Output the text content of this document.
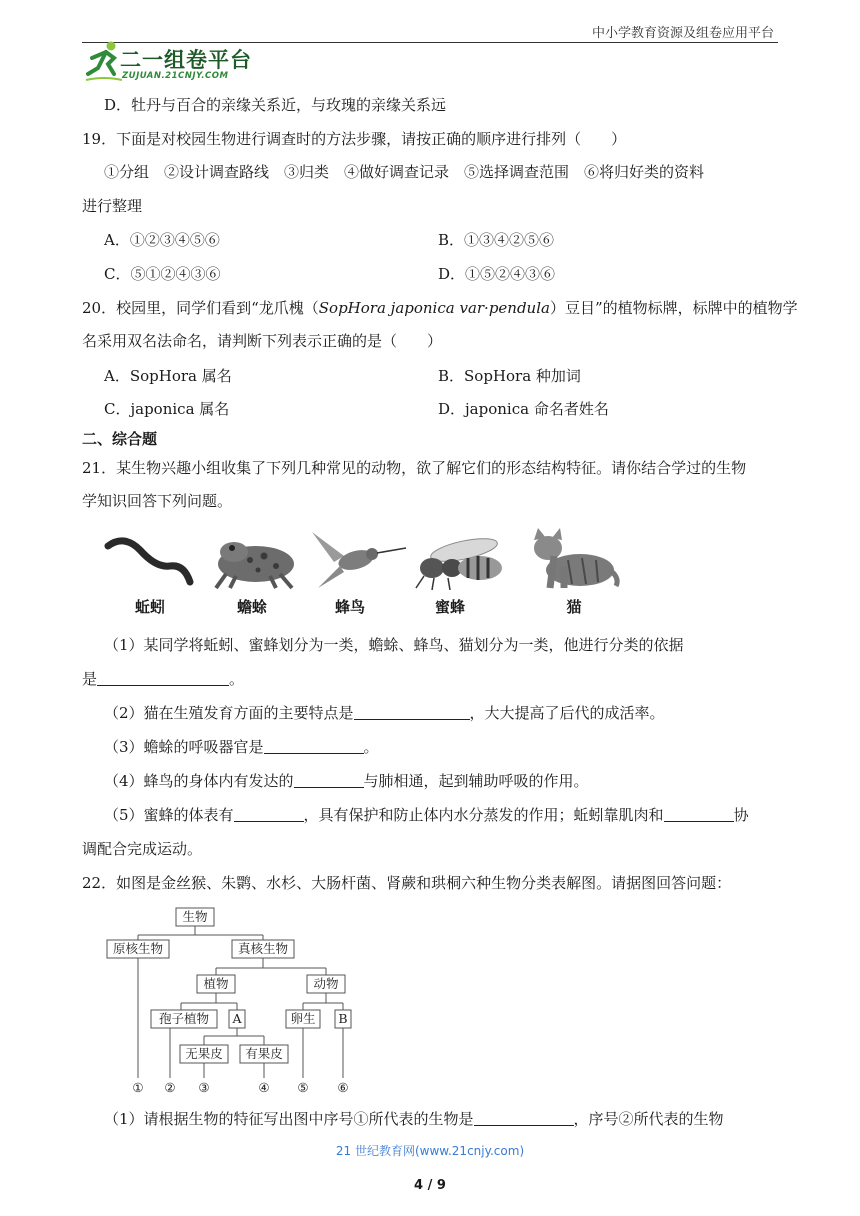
中小学教育资源及组卷应用平台
二一组卷平台
ZUJUAN.21CNJY.COM
D．牡丹与百合的亲缘关系近，与玫瑰的亲缘关系远
19．下面是对校园生物进行调查时的方法步骤，请按正确的顺序进行排列（　　）
①分组　②设计调查路线　③归类　④做好调查记录　⑤选择调查范围　⑥将归好类的资料
进行整理
A．①②③④⑤⑥	B．①③④②⑤⑥
C．⑤①②④③⑥	D．①⑤②④③⑥
20．校园里，同学们看到“龙爪槐（SopHora japonica var·pendula）豆目”的植物标牌，标牌中的植物学
名采用双名法命名，请判断下列表示正确的是（　　）
A．SopHora 属名	B．SopHora 种加词
C．japonica 属名	D．japonica 命名者姓名
二、综合题
21．某生物兴趣小组收集了下列几种常见的动物，欲了解它们的形态结构特征。请你结合学过的生物
学知识回答下列问题。
蚯蚓	蟾蜍	蜂鸟	蜜蜂	猫
（1）某同学将蚯蚓、蜜蜂划分为一类，蟾蜍、蜂鸟、猫划分为一类，他进行分类的依据
是	。
（2）猫在生殖发育方面的主要特点是	，大大提高了后代的成活率。
（3）蟾蜍的呼吸器官是	。
（4）蜂鸟的身体内有发达的	与肺相通，起到辅助呼吸的作用。
（5）蜜蜂的体表有	，具有保护和防止体内水分蒸发的作用；蚯蚓靠肌肉和	协
调配合完成运动。
22．如图是金丝猴、朱鹮、水杉、大肠杆菌、肾蕨和珙桐六种生物分类表解图。请据图回答问题：
生物
原核生物	真核生物
植物	动物
孢子植物 A	卵生 B
无果皮 有果皮
① ② ③	④ ⑤ ⑥
（1）请根据生物的特征写出图中序号①所代表的生物是	，序号②所代表的生物
21 世纪教育网(www.21cnjy.com)
4 / 9
